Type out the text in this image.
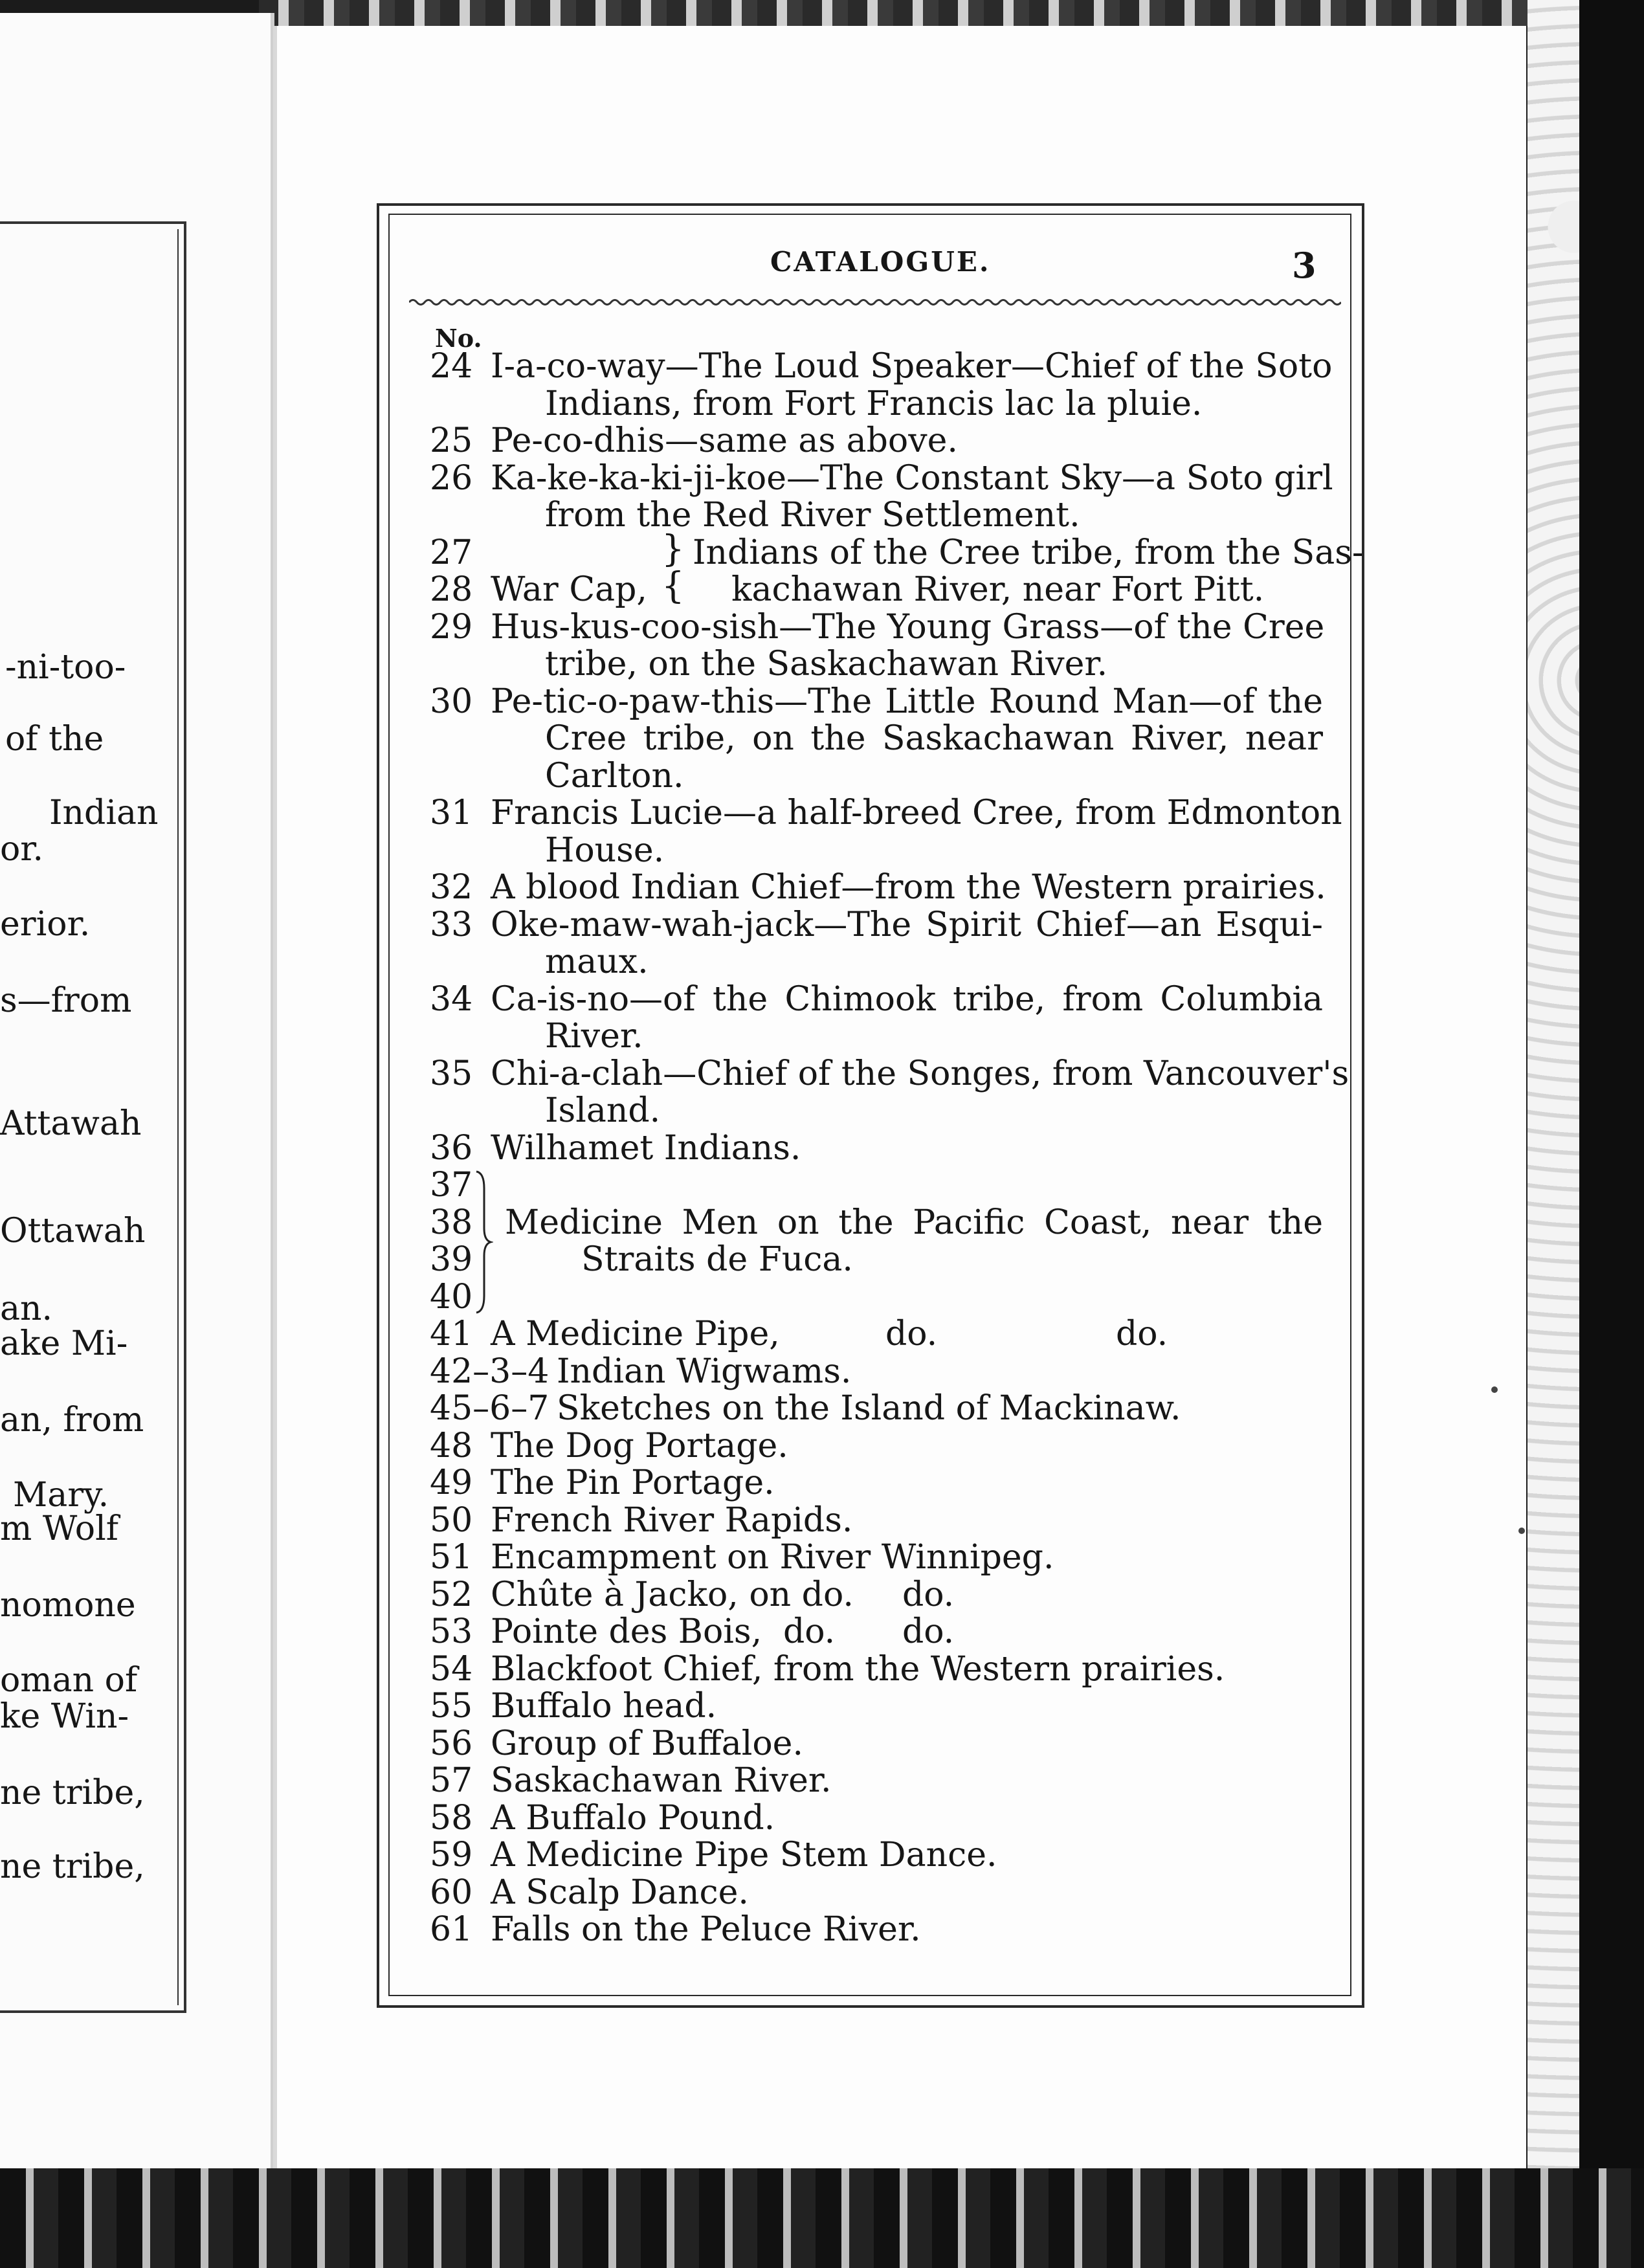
-ni-too-
of the
Indian
or.
erior.
s—from
Attawah
Ottawah
an.
ake Mi-
an, from
Mary.
m Wolf
nomone
oman of
ke Win-
ne tribe,
ne tribe,
CATALOGUE.	3
No.
24 I-a-co-way—The Loud Speaker—Chief of the Soto
Indians, from Fort Francis lac la pluie.
25 Pe-co-dhis—same as above.
26 Ka-ke-ka-ki-ji-koe—The Constant Sky—a Soto girl
from the Red River Settlement.
27	} Indians of the Cree tribe, from the Sas-
28 War Cap, { kachawan River, near Fort Pitt.
29 Hus-kus-coo-sish—The Young Grass—of the Cree
tribe, on the Saskachawan River.
30 Pe-tic-o-paw-this—The Little Round Man—of the
Cree tribe, on the Saskachawan River, near
Carlton.
31 Francis Lucie—a half-breed Cree, from Edmonton
House.
32 A blood Indian Chief—from the Western prairies.
33 Oke-maw-wah-jack—The Spirit Chief—an Esqui-
maux.
34 Ca-is-no—of the Chimook tribe, from Columbia
River.
35 Chi-a-clah—Chief of the Songes, from Vancouver's
Island.
36 Wilhamet Indians.
37
38 Medicine Men on the Pacific Coast, near the
39	Straits de Fuca.
40
41 A Medicine Pipe,	do.	do.
42–3–4 Indian Wigwams.
45–6–7 Sketches on the Island of Mackinaw.
48 The Dog Portage.
49 The Pin Portage.
50 French River Rapids.
51 Encampment on River Winnipeg.
52 Chûte à Jacko, on do. do.
53 Pointe des Bois, do. do.
54 Blackfoot Chief, from the Western prairies.
55 Buffalo head.
56 Group of Buffaloe.
57 Saskachawan River.
58 A Buffalo Pound.
59 A Medicine Pipe Stem Dance.
60 A Scalp Dance.
61 Falls on the Peluce River.
